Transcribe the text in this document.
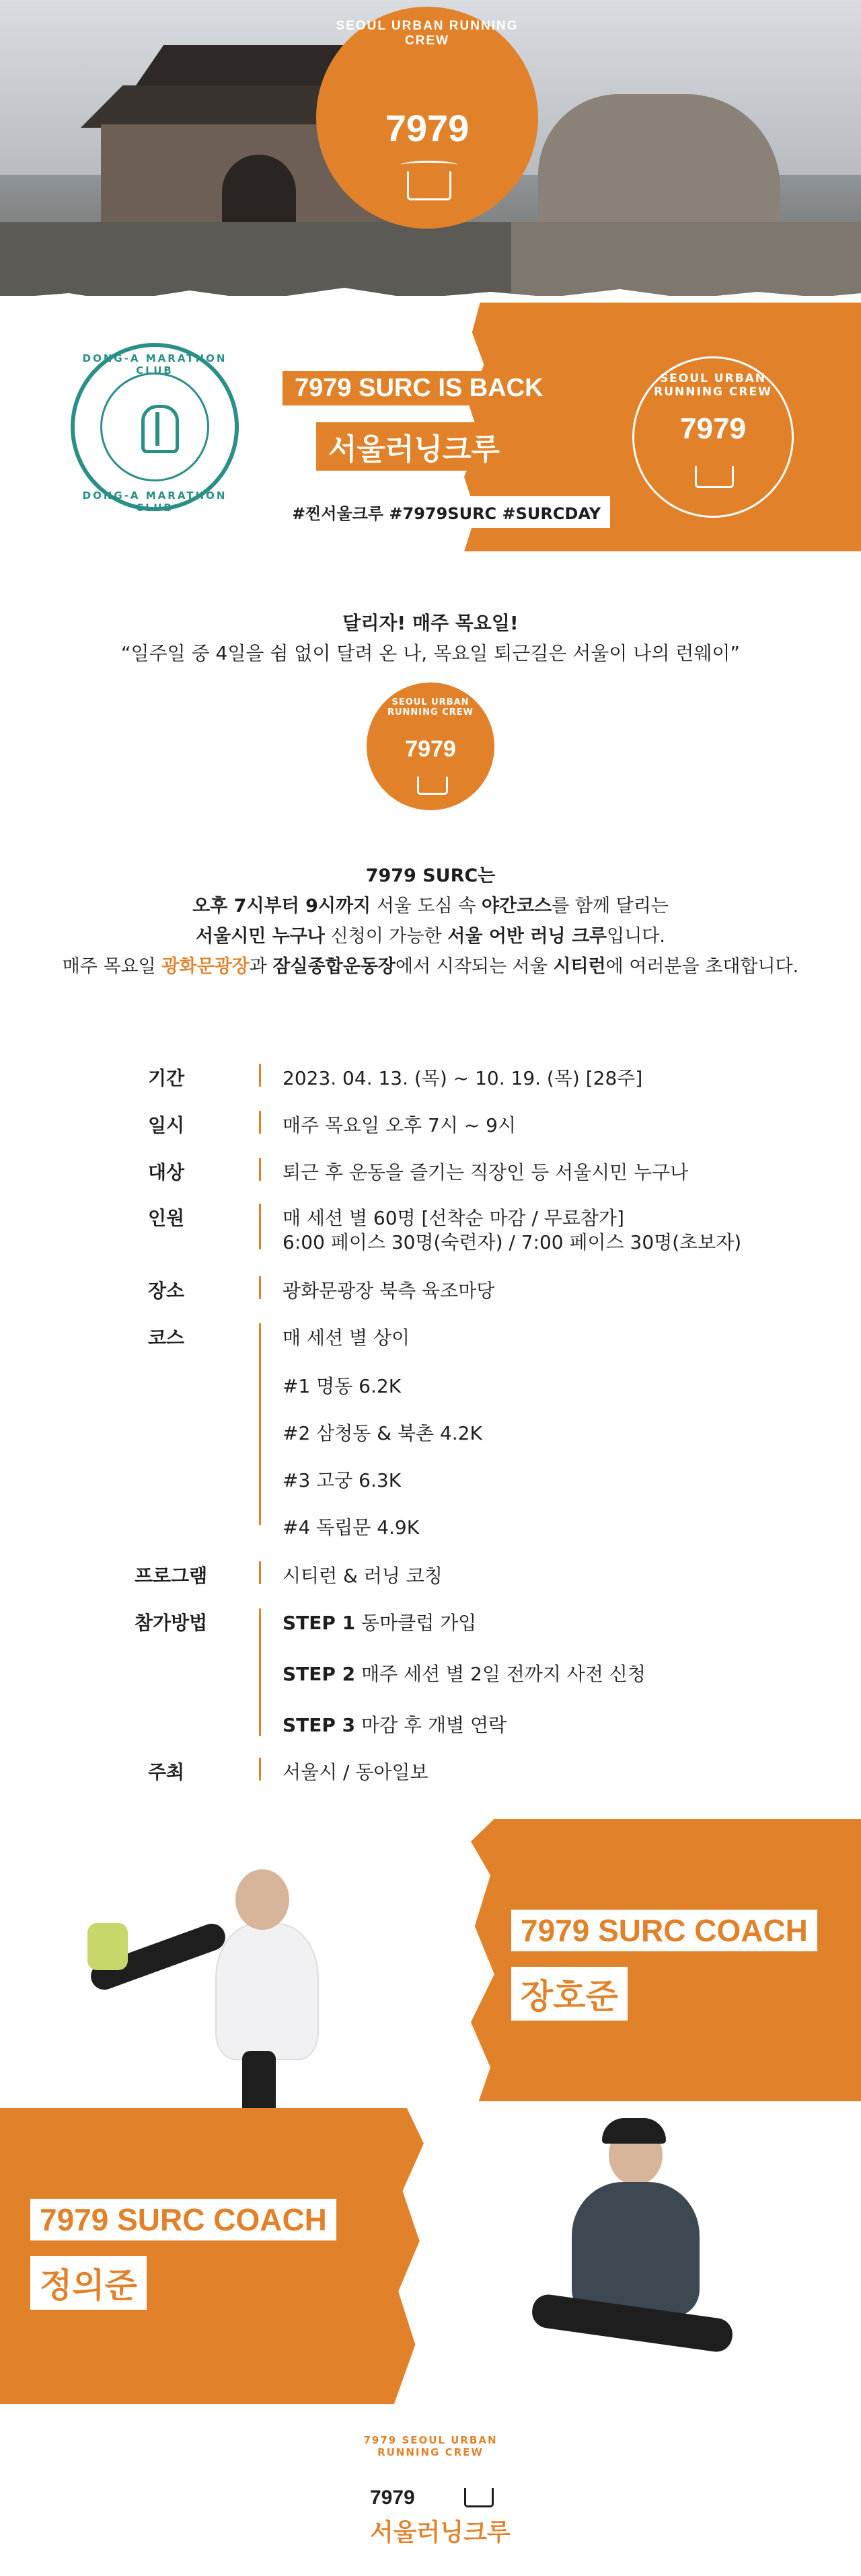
SEOUL URBAN RUNNING CREW
7979
DONG-A MARATHON CLUB
DONG-A MARATHON CLUB
7979 SURC IS BACK
서울러닝크루
#찐서울크루 #7979SURC #SURCDAY
SEOUL URBAN RUNNING CREW
7979
달리자! 매주 목요일!
“일주일 중 4일을 쉼 없이 달려 온 나, 목요일 퇴근길은 서울이 나의 런웨이”
SEOUL URBAN RUNNING CREW
7979
7979 SURC는
오후 7시부터 9시까지 서울 도심 속 야간코스를 함께 달리는
서울시민 누구나 신청이 가능한 서울 어반 러닝 크루입니다.
매주 목요일 광화문광장과 잠실종합운동장에서 시작되는 서울 시티런에 여러분을 초대합니다.
기간	2023. 04. 13. (목) ~ 10. 19. (목) [28주]
일시	매주 목요일 오후 7시 ~ 9시
대상	퇴근 후 운동을 즐기는 직장인 등 서울시민 누구나
인원	매 세션 별 60명 [선착순 마감 / 무료참가]
6:00 페이스 30명(숙련자) / 7:00 페이스 30명(초보자)
장소	광화문광장 북측 육조마당
코스	매 세션 별 상이
#1 명동 6.2K
#2 삼청동 & 북촌 4.2K
#3 고궁 6.3K
#4 독립문 4.9K
프로그램	시티런 & 러닝 코칭
참가방법	STEP 1 동마클럽 가입
STEP 2 매주 세션 별 2일 전까지 사전 신청
STEP 3 마감 후 개별 연락
주최	서울시 / 동아일보
7979 SURC COACH
장호준
7979 SURC COACH
정의준
7979 SEOUL URBAN RUNNING CREW
7979
서울러닝크루
